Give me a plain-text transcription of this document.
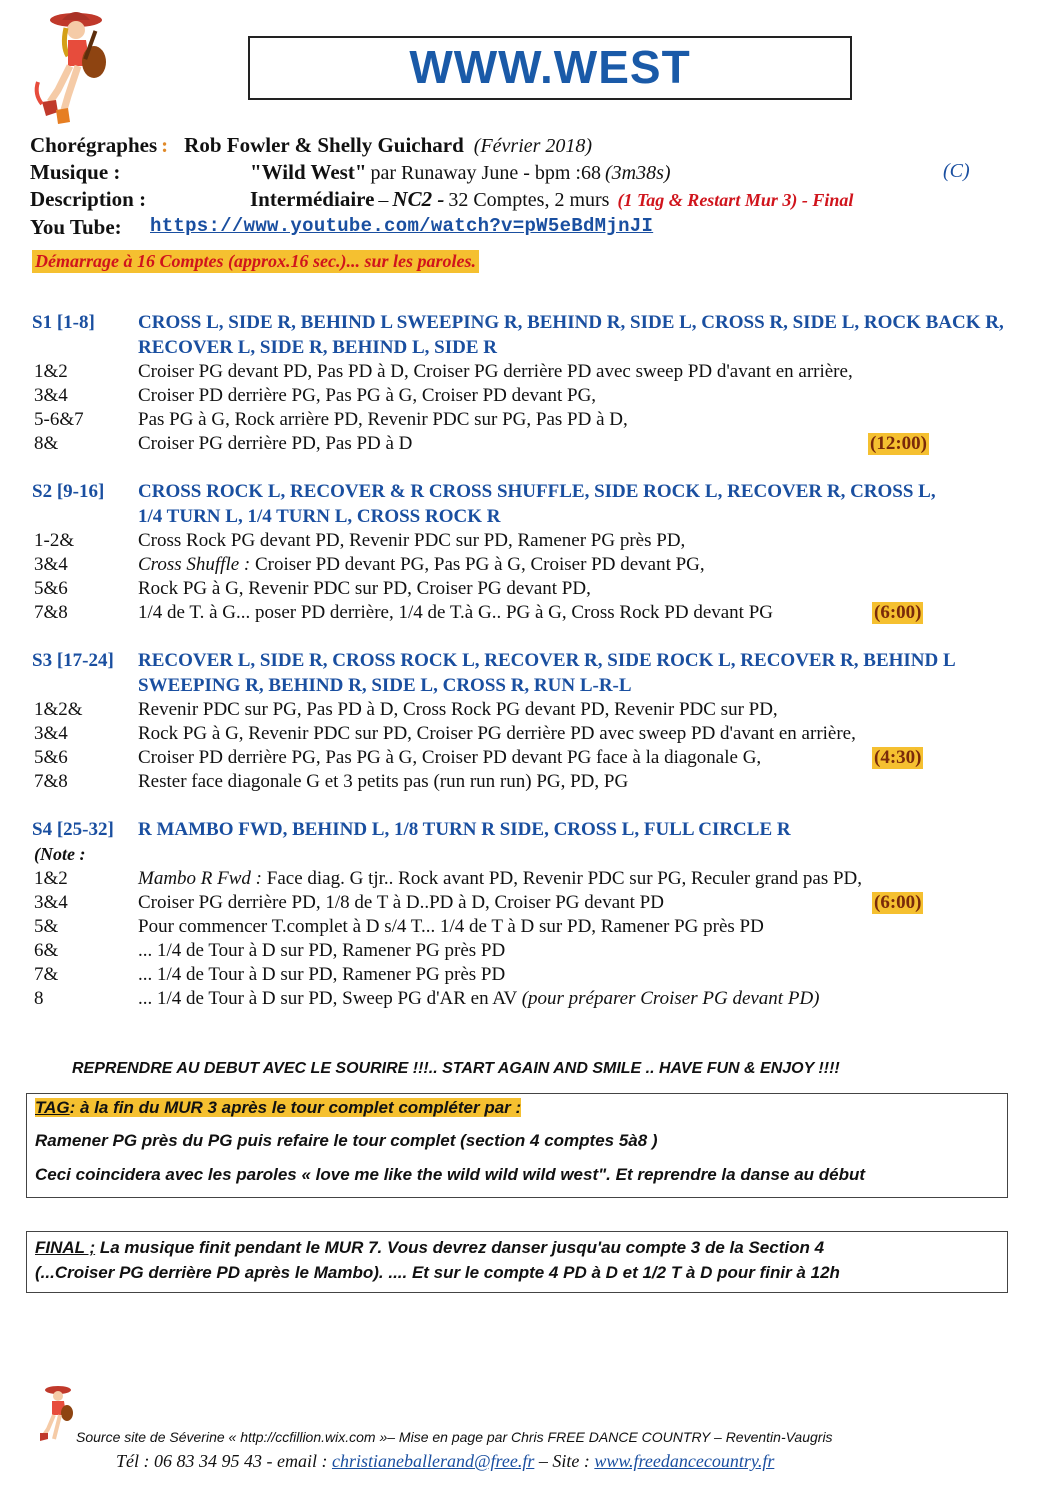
WWW.WEST
Chorégraphes : Rob Fowler & Shelly Guichard (Février 2018)
Musique :	"Wild West" par Runaway June - bpm :68 (3m38s)	(C)
Description :	Intermédiaire – NC2 - 32 Comptes, 2 murs (1 Tag & Restart Mur 3) - Final
You Tube: https://www.youtube.com/watch?v=pW5eBdMjnJI
Démarrage à 16 Comptes (approx.16 sec.)... sur les paroles.
S1 [1-8] CROSS L, SIDE R, BEHIND L SWEEPING R, BEHIND R, SIDE L, CROSS R, SIDE L, ROCK BACK R,
RECOVER L, SIDE R, BEHIND L, SIDE R
1&2	Croiser PG devant PD, Pas PD à D, Croiser PG derrière PD avec sweep PD d'avant en arrière,
3&4	Croiser PD derrière PG, Pas PG à G, Croiser PD devant PG,
5-6&7	Pas PG à G, Rock arrière PD, Revenir PDC sur PG, Pas PD à D,
8&	Croiser PG derrière PD, Pas PD à D	(12:00)
S2 [9-16] CROSS ROCK L, RECOVER & R CROSS SHUFFLE, SIDE ROCK L, RECOVER R, CROSS L,
1/4 TURN L, 1/4 TURN L, CROSS ROCK R
1-2&	Cross Rock PG devant PD, Revenir PDC sur PD, Ramener PG près PD,
3&4	Cross Shuffle : Croiser PD devant PG, Pas PG à G, Croiser PD devant PG,
5&6	Rock PG à G, Revenir PDC sur PD, Croiser PG devant PD,
7&8	1/4 de T. à G... poser PD derrière, 1/4 de T.à G.. PG à G, Cross Rock PD devant PG	(6:00)
S3 [17-24] RECOVER L, SIDE R, CROSS ROCK L, RECOVER R, SIDE ROCK L, RECOVER R, BEHIND L
SWEEPING R, BEHIND R, SIDE L, CROSS R, RUN L-R-L
1&2&	Revenir PDC sur PG, Pas PD à D, Cross Rock PG devant PD, Revenir PDC sur PD,
3&4	Rock PG à G, Revenir PDC sur PD, Croiser PG derrière PD avec sweep PD d'avant en arrière,
5&6	Croiser PD derrière PG, Pas PG à G, Croiser PD devant PG face à la diagonale G,	(4:30)
7&8	Rester face diagonale G et 3 petits pas (run run run) PG, PD, PG
S4 [25-32] R MAMBO FWD, BEHIND L, 1/8 TURN R SIDE, CROSS L, FULL CIRCLE R
(Note :
1&2	Mambo R Fwd : Face diag. G tjr.. Rock avant PD, Revenir PDC sur PG, Reculer grand pas PD,
3&4	Croiser PG derrière PD, 1/8 de T à D..PD à D, Croiser PG devant PD	(6:00)
5&	Pour commencer T.complet à D s/4 T... 1/4 de T à D sur PD, Ramener PG près PD
6&	... 1/4 de Tour à D sur PD, Ramener PG près PD
7&	... 1/4 de Tour à D sur PD, Ramener PG près PD
8	... 1/4 de Tour à D sur PD, Sweep PG d'AR en AV (pour préparer Croiser PG devant PD)
REPRENDRE AU DEBUT AVEC LE SOURIRE !!!.. START AGAIN AND SMILE .. HAVE FUN & ENJOY !!!!
TAG: à la fin du MUR 3 après le tour complet compléter par :
Ramener PG près du PG puis refaire le tour complet (section 4 comptes 5à8 )
Ceci coincidera avec les paroles « love me like the wild wild wild west". Et reprendre la danse au début
FINAL ; La musique finit pendant le MUR 7. Vous devrez danser jusqu'au compte 3 de la Section 4
(...Croiser PG derrière PD après le Mambo). .... Et sur le compte 4 PD à D et 1/2 T à D pour finir à 12h
Source site de Séverine « http://ccfillion.wix.com »– Mise en page par Chris FREE DANCE COUNTRY – Reventin-Vaugris
Tél : 06 83 34 95 43 - email : christianeballerand@free.fr – Site : www.freedancecountry.fr
